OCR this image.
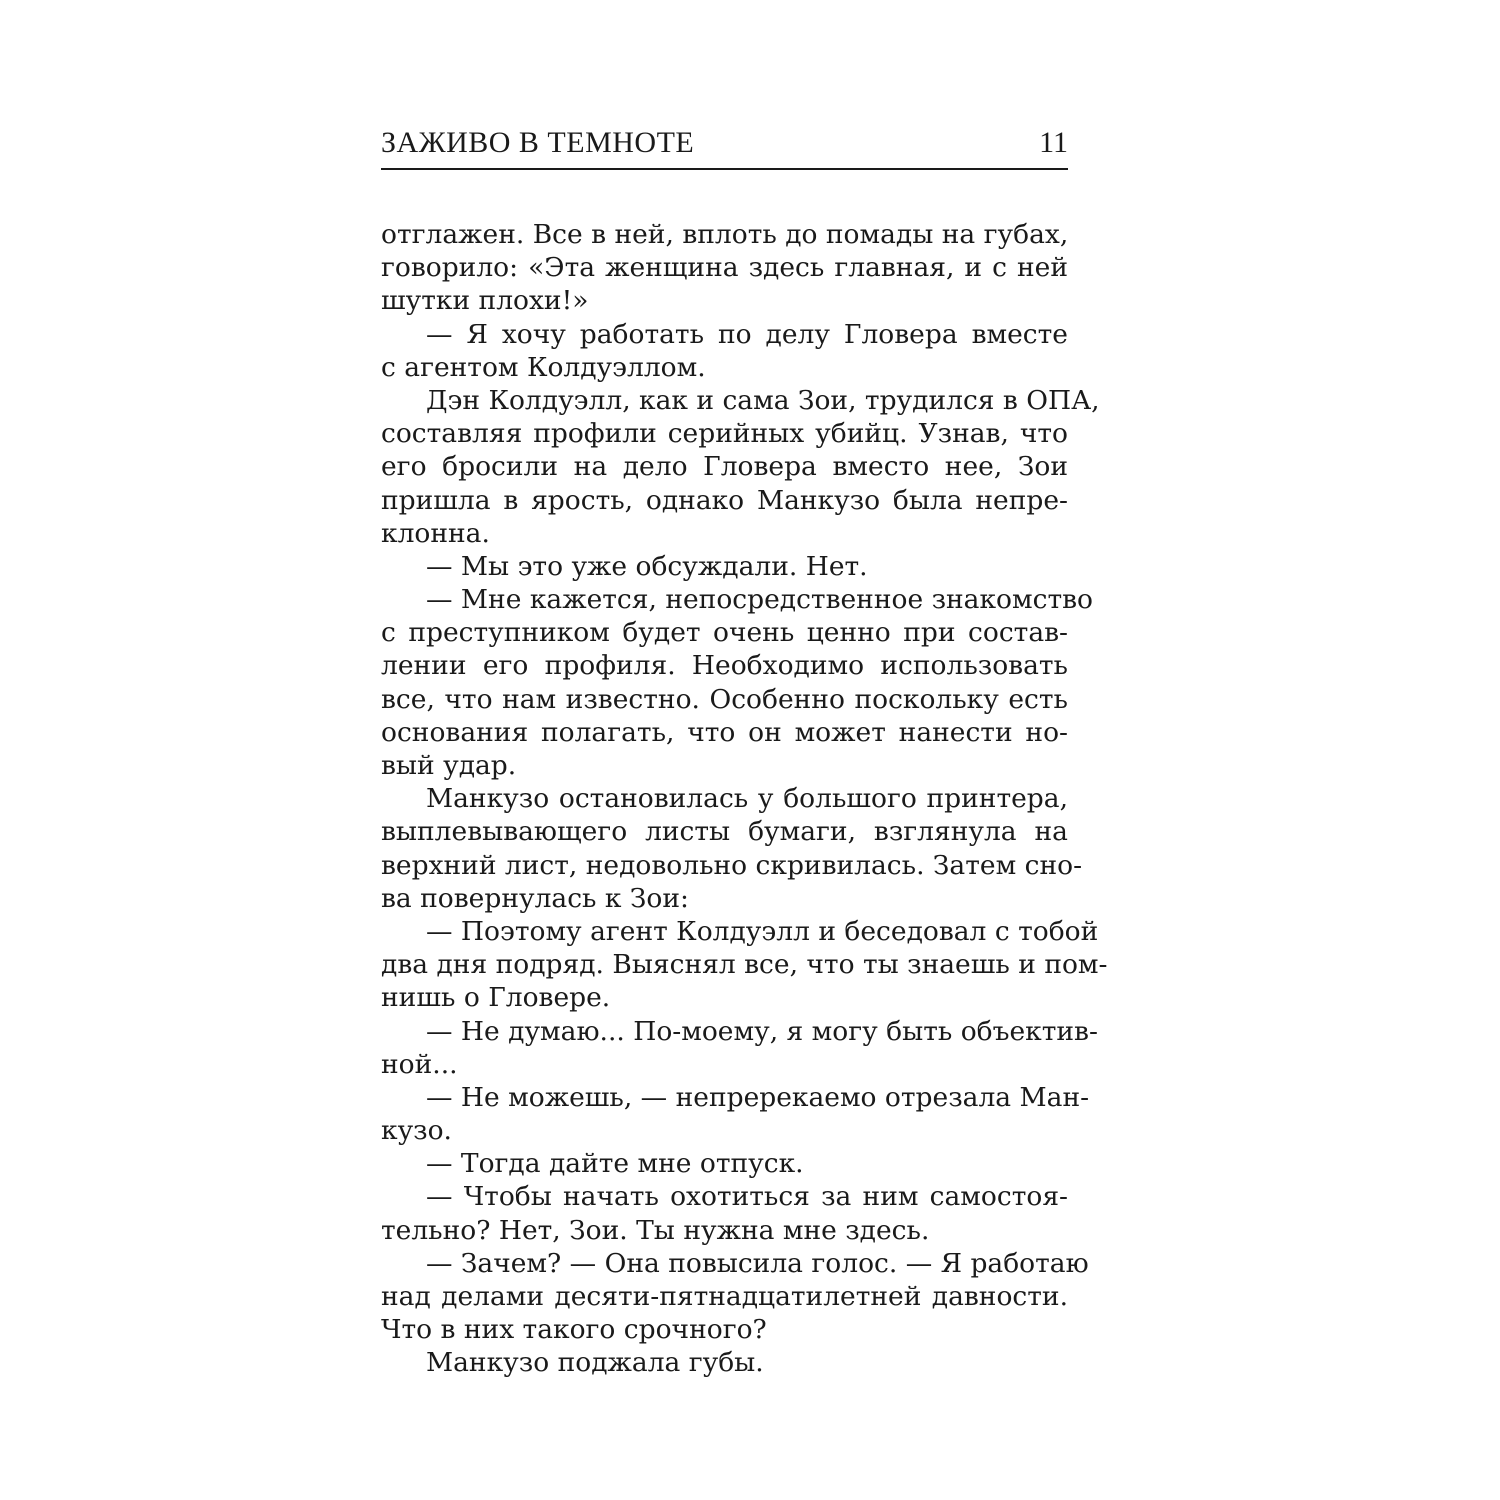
ЗАЖИВО В ТЕМНОТЕ	11
отглажен. Все в ней, вплоть до помады на губах,
говорило: «Эта женщина здесь главная, и с ней
шутки плохи!»
— Я хочу работать по делу Гловера вместе
с агентом Колдуэллом.
Дэн Колдуэлл, как и сама Зои, трудился в ОПА,
составляя профили серийных убийц. Узнав, что
его бросили на дело Гловера вместо нее, Зои
пришла в ярость, однако Манкузо была непре-
клонна.
— Мы это уже обсуждали. Нет.
— Мне кажется, непосредственное знакомство
с преступником будет очень ценно при состав-
лении его профиля. Необходимо использовать
все, что нам известно. Особенно поскольку есть
основания полагать, что он может нанести но-
вый удар.
Манкузо остановилась у большого принтера,
выплевывающего листы бумаги, взглянула на
верхний лист, недовольно скривилась. Затем сно-
ва повернулась к Зои:
— Поэтому агент Колдуэлл и беседовал с тобой
два дня подряд. Выяснял все, что ты знаешь и пом-
нишь о Гловере.
— Не думаю... По-моему, я могу быть объектив-
ной...
— Не можешь, — непререкаемо отрезала Ман-
кузо.
— Тогда дайте мне отпуск.
— Чтобы начать охотиться за ним самостоя-
тельно? Нет, Зои. Ты нужна мне здесь.
— Зачем? — Она повысила голос. — Я работаю
над делами десяти-пятнадцатилетней давности.
Что в них такого срочного?
Манкузо поджала губы.
